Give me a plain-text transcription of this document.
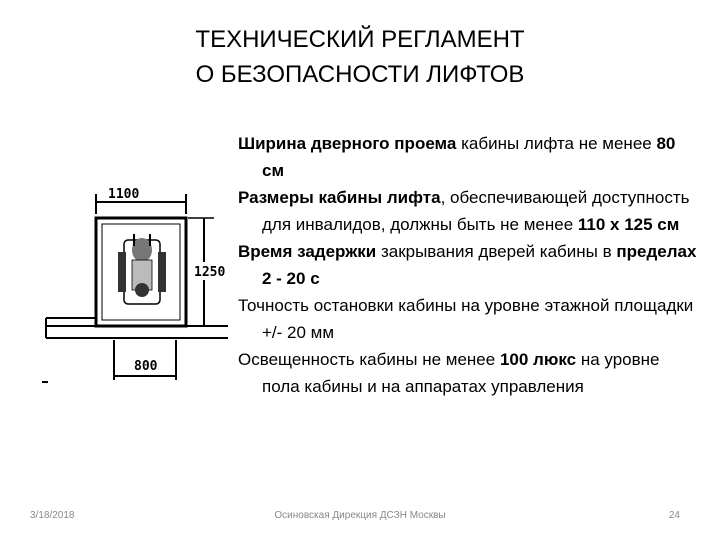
ТЕХНИЧЕСКИЙ РЕГЛАМЕНТ
О БЕЗОПАСНОСТИ ЛИФТОВ
1100
1250
800
Ширина дверного проема кабины лифта не менее 80 см
Размеры кабины лифта, обеспечивающей доступность для инвалидов, должны быть не менее 110 х 125 см
Время задержки закрывания дверей кабины в пределах 2 - 20 с
Точность остановки кабины на уровне этажной площадки +/- 20 мм
Освещенность кабины не менее 100 люкс на уровне пола кабины и на аппаратах управления
3/18/2018	Осиновская Дирекция ДСЗН Москвы	24
